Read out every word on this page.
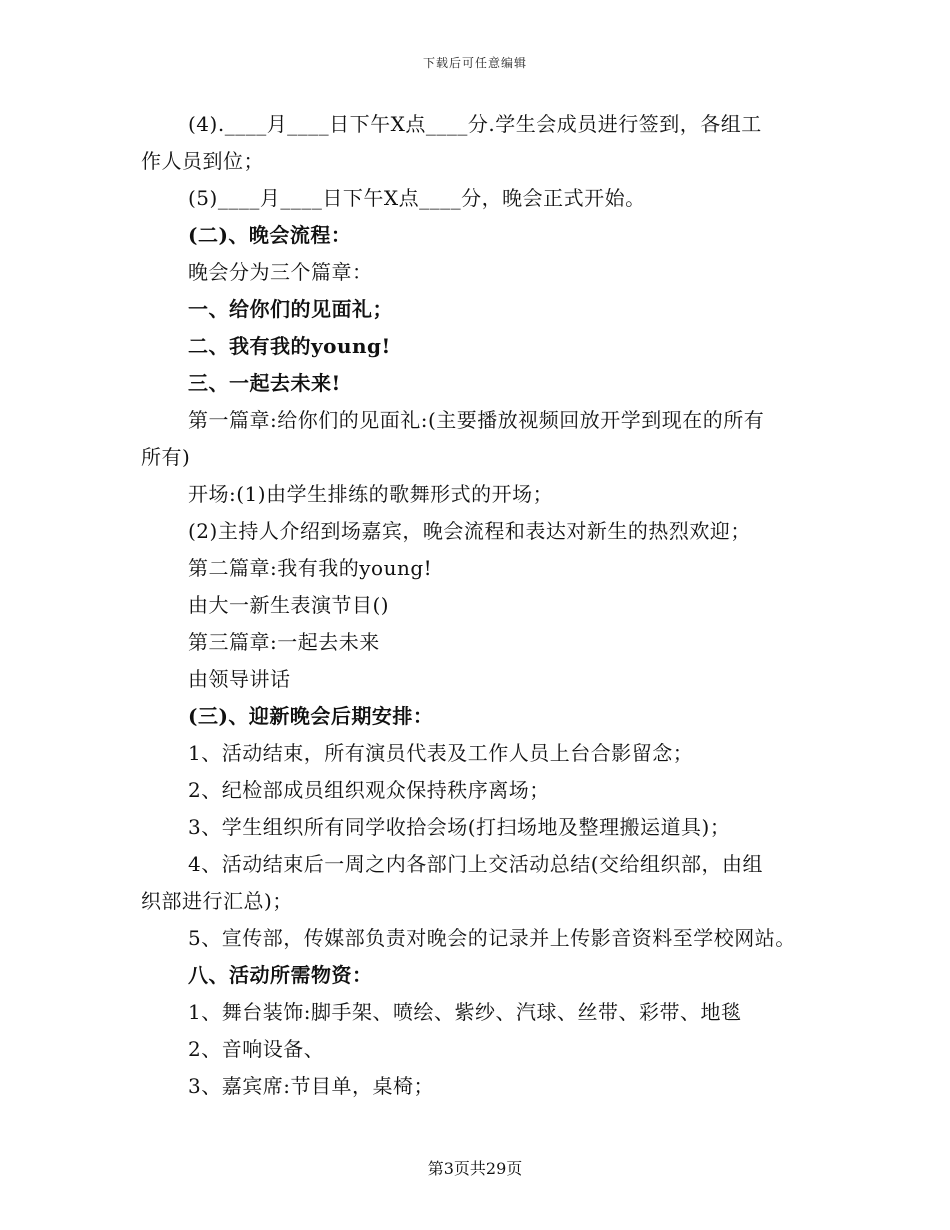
下载后可任意编辑
(4).____月____日下午X点____分.学生会成员进行签到，各组工
作人员到位；
(5)____月____日下午X点____分，晚会正式开始。
(二)、晚会流程：
晚会分为三个篇章：
一、给你们的见面礼；
二、我有我的young!
三、一起去未来!
第一篇章:给你们的见面礼:(主要播放视频回放开学到现在的所有
所有)
开场:(1)由学生排练的歌舞形式的开场；
(2)主持人介绍到场嘉宾，晚会流程和表达对新生的热烈欢迎；
第二篇章:我有我的young!
由大一新生表演节目()
第三篇章:一起去未来
由领导讲话
(三)、迎新晚会后期安排：
1、活动结束，所有演员代表及工作人员上台合影留念；
2、纪检部成员组织观众保持秩序离场；
3、学生组织所有同学收拾会场(打扫场地及整理搬运道具)；
4、活动结束后一周之内各部门上交活动总结(交给组织部，由组
织部进行汇总)；
5、宣传部，传媒部负责对晚会的记录并上传影音资料至学校网站。
八、活动所需物资：
1、舞台装饰:脚手架、喷绘、紫纱、汽球、丝带、彩带、地毯
2、音响设备、
3、嘉宾席:节目单，桌椅；
第3页共29页
